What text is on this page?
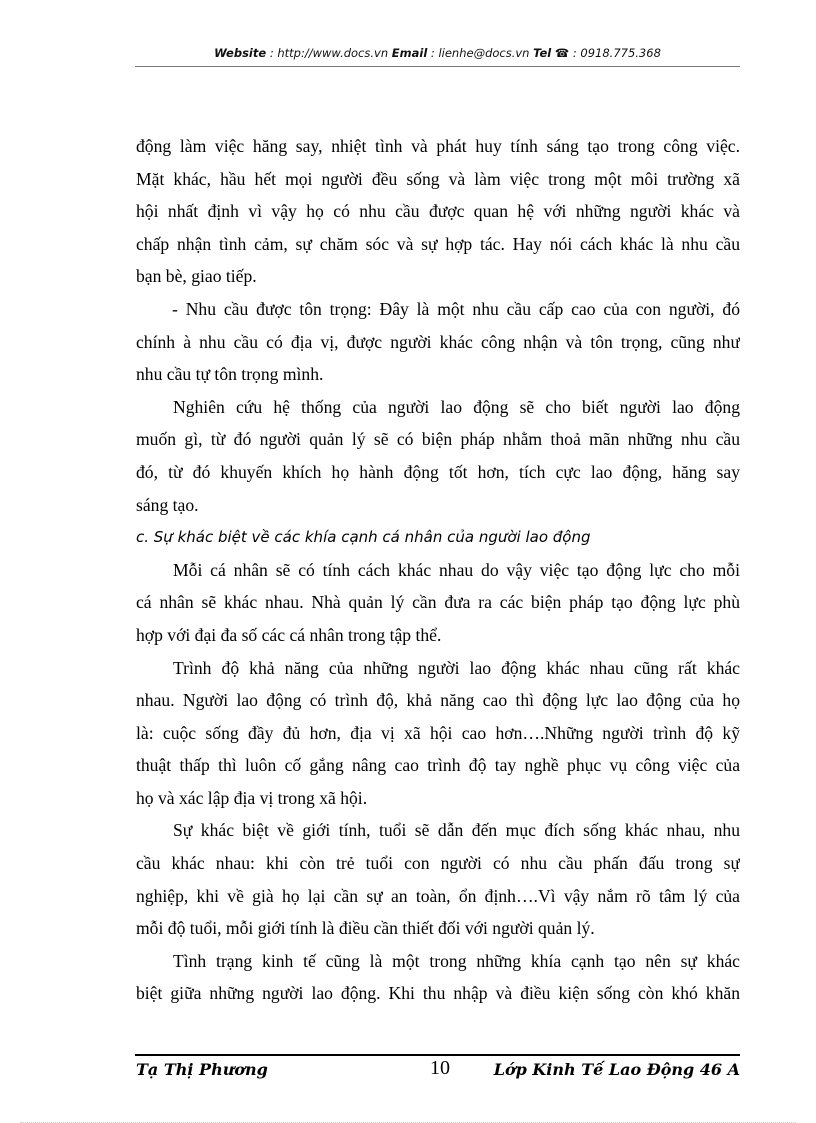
Website : http://www.docs.vn Email : lienhe@docs.vn Tel ☎ : 0918.775.368
động làm việc hăng say, nhiệt tình và phát huy tính sáng tạo trong công việc.
Mặt khác, hầu hết mọi người đều sống và làm việc trong một môi trường xã
hội nhất định vì vậy họ có nhu cầu được quan hệ với những người khác và
chấp nhận tình cảm, sự chăm sóc và sự hợp tác. Hay nói cách khác là nhu cầu
bạn bè, giao tiếp.
- Nhu cầu được tôn trọng: Đây là một nhu cầu cấp cao của con người, đó
chính à nhu cầu có địa vị, được người khác công nhận và tôn trọng, cũng như
nhu cầu tự tôn trọng mình.
Nghiên cứu hệ thống của người lao động sẽ cho biết người lao động
muốn gì, từ đó người quản lý sẽ có biện pháp nhằm thoả mãn những nhu cầu
đó, từ đó khuyến khích họ hành động tốt hơn, tích cực lao động, hăng say
sáng tạo.
c. Sự khác biệt về các khía cạnh cá nhân của người lao động
Mỗi cá nhân sẽ có tính cách khác nhau do vậy việc tạo động lực cho mỗi
cá nhân sẽ khác nhau. Nhà quản lý cần đưa ra các biện pháp tạo động lực phù
hợp với đại đa số các cá nhân trong tập thể.
Trình độ khả năng của những người lao động khác nhau cũng rất khác
nhau. Người lao động có trình độ, khả năng cao thì động lực lao động của họ
là: cuộc sống đầy đủ hơn, địa vị xã hội cao hơn….Những người trình độ kỹ
thuật thấp thì luôn cố gắng nâng cao trình độ tay nghề phục vụ công việc của
họ và xác lập địa vị trong xã hội.
Sự khác biệt về giới tính, tuổi sẽ dẫn đến mục đích sống khác nhau, nhu
cầu khác nhau: khi còn trẻ tuổi con người có nhu cầu phấn đấu trong sự
nghiệp, khi về già họ lại cần sự an toàn, ổn định….Vì vậy nắm rõ tâm lý của
mỗi độ tuổi, mỗi giới tính là điều cần thiết đối với người quản lý.
Tình trạng kinh tế cũng là một trong những khía cạnh tạo nên sự khác
biệt giữa những người lao động. Khi thu nhập và điều kiện sống còn khó khăn
Tạ Thị Phương	10	Lớp Kinh Tế Lao Động 46 A
